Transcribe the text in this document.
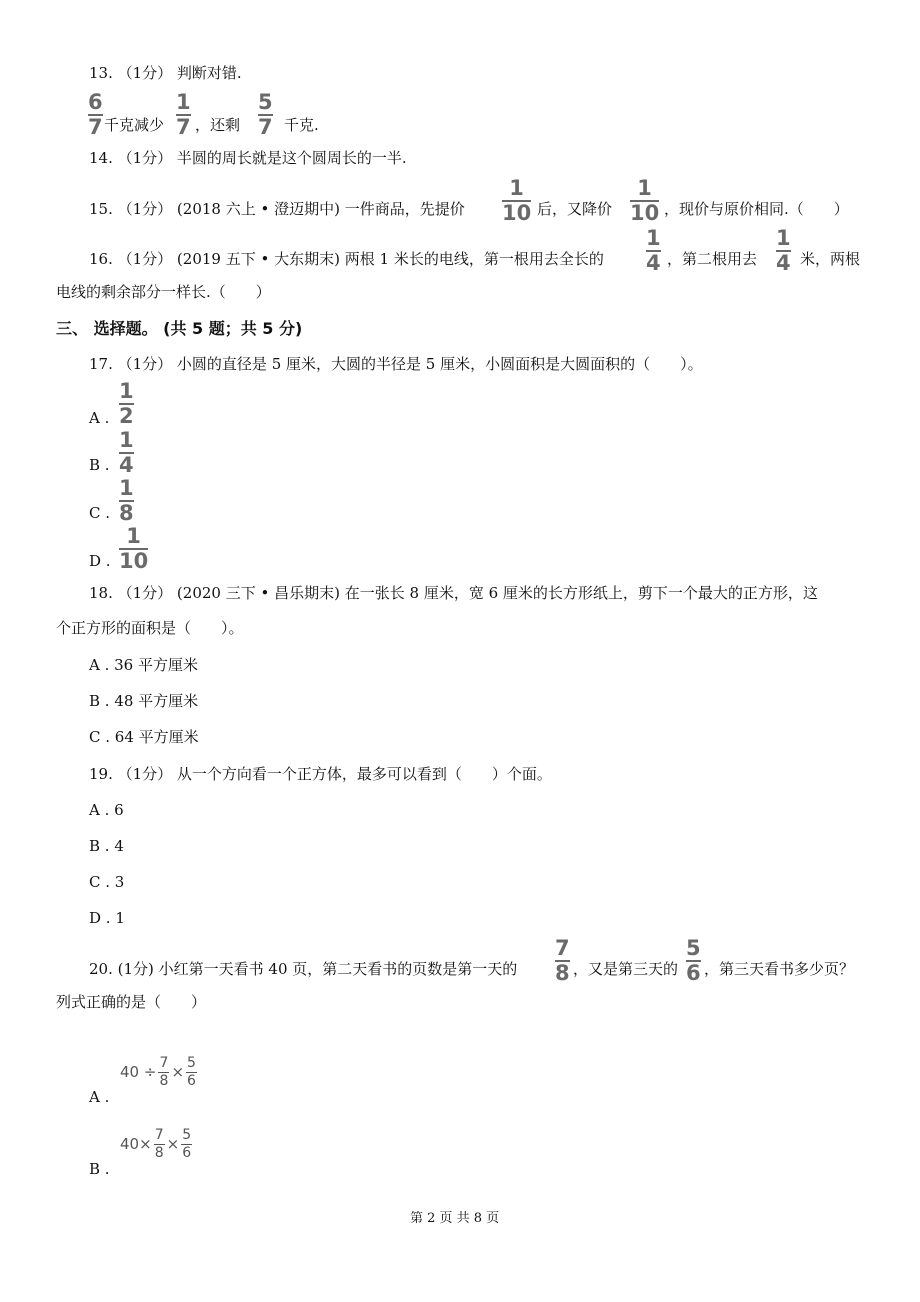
13. （1分） 判断对错.
6
7 千克减少
1
7 ，还剩
5
7 千克.
14. （1分） 半圆的周长就是这个圆周长的一半.
15. （1分） (2018 六上 • 澄迈期中) 一件商品，先提价
1
10 后，又降价
1
10 ，现价与原价相同.（　　）
16. （1分） (2019 五下 • 大东期末) 两根 1 米长的电线，第一根用去全长的
1
4 ，第二根用去
1
4 米，两根
电线的剩余部分一样长.（　　）
三、 选择题。 (共 5 题；共 5 分)
17. （1分） 小圆的直径是 5 厘米，大圆的半径是 5 厘米，小圆面积是大圆面积的（　　）。
A .
1
2
B .
1
4
C .
1
8
D .
1
10
18. （1分） (2020 三下 • 昌乐期末) 在一张长 8 厘米，宽 6 厘米的长方形纸上，剪下一个最大的正方形，这
个正方形的面积是（　　）。
A . 36 平方厘米
B . 48 平方厘米
C . 64 平方厘米
19. （1分） 从一个方向看一个正方体，最多可以看到（　　）个面。
A . 6
B . 4
C . 3
D . 1
20. (1分) 小红第一天看书 40 页，第二天看书的页数是第一天的
7
8 ，又是第三天的
5
6 ，第三天看书多少页？
列式正确的是（　　）
A .
40 ÷
7
8 ×
5
6
B .
40×
7
8 ×
5
6
第 2 页 共 8 页
